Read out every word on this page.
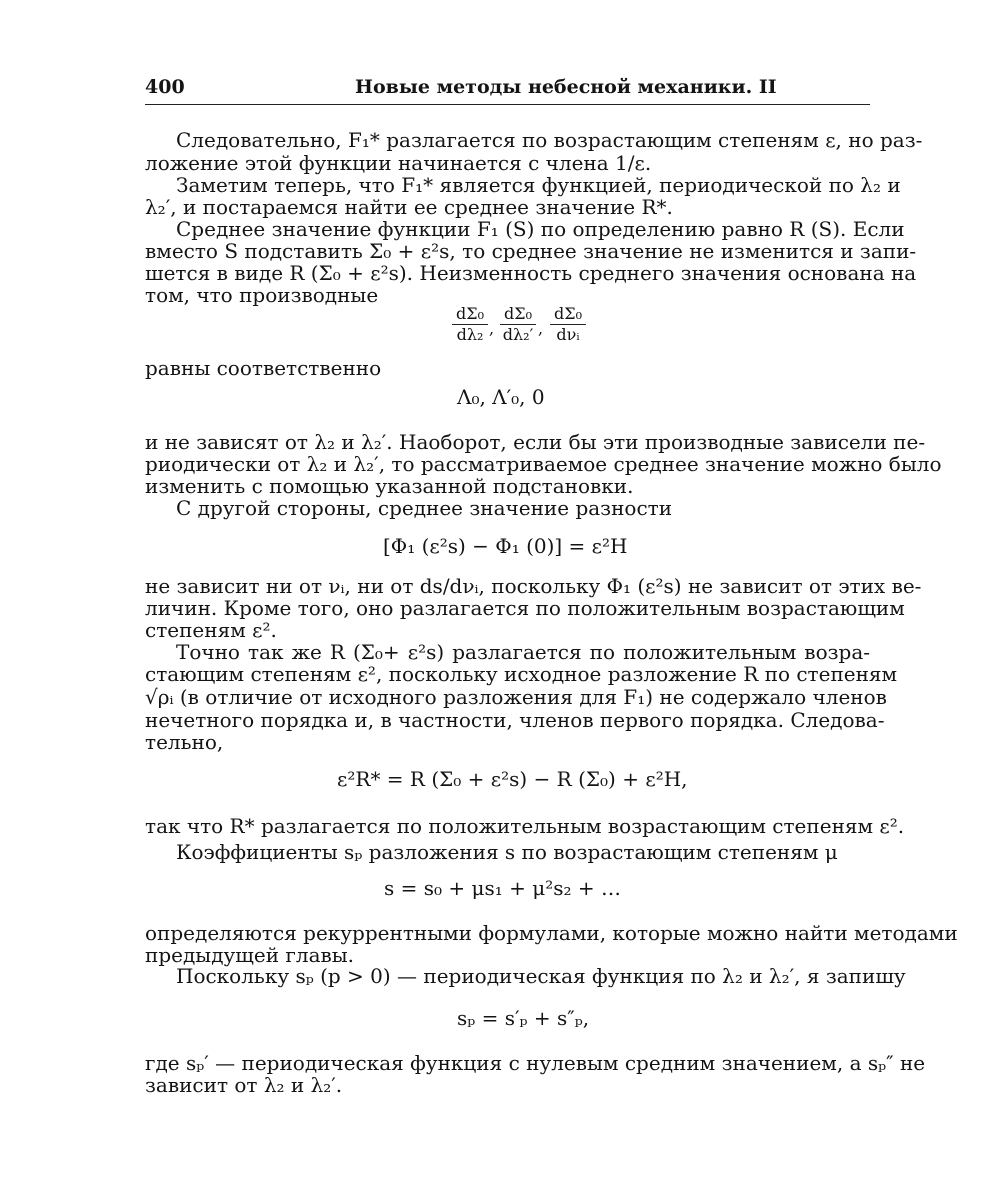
400	Новые методы небесной механики. II
Следовательно, F₁* разлагается по возрастающим степеням ε, но раз-
ложение этой функции начинается с члена 1/ε.
Заметим теперь, что F₁* является функцией, периодической по λ₂ и
λ₂′, и постараемся найти ее среднее значение R*.
Среднее значение функции F₁ (S) по определению равно R (S). Если
вместо S подставить Σ₀ + ε²s, то среднее значение не изменится и запи-
шется в виде R (Σ₀ + ε²s). Неизменность среднего значения основана на
том, что производные
$\frac{\text{dΣ₀}}{\text{dλ₂}}$ , $\frac{\text{dΣ₀}}{\text{dλ₂′}}$ ,
dΣ₀
dνᵢ
равны соответственно
Λ₀, Λ′₀, 0
и не зависят от λ₂ и λ₂′. Наоборот, если бы эти производные зависели пе-
риодически от λ₂ и λ₂′, то рассматриваемое среднее значение можно было
изменить с помощью указанной подстановки.
С другой стороны, среднее значение разности
[Φ₁ (ε²s) − Φ₁ (0)] = ε²H
не зависит ни от νᵢ, ни от ds/dνᵢ, поскольку Φ₁ (ε²s) не зависит от этих ве-
личин. Кроме того, оно разлагается по положительным возрастающим
степеням ε².
Точно так же R (Σ₀+ ε²s) разлагается по положительным возра-
стающим степеням ε², поскольку исходное разложение R по степеням
√ρᵢ (в отличие от исходного разложения для F₁) не содержало членов
нечетного порядка и, в частности, членов первого порядка. Следова-
тельно,
ε²R* = R (Σ₀ + ε²s) − R (Σ₀) + ε²H,
так что R* разлагается по положительным возрастающим степеням ε².
Коэффициенты sₚ разложения s по возрастающим степеням μ
s = s₀ + μs₁ + μ²s₂ + …
определяются рекуррентными формулами, которые можно найти методами
предыдущей главы.
Поскольку sₚ (p > 0) — периодическая функция по λ₂ и λ₂′, я запишу
sₚ = s′ₚ + s″ₚ,
где sₚ′ — периодическая функция с нулевым средним значением, а sₚ″ не
зависит от λ₂ и λ₂′.
